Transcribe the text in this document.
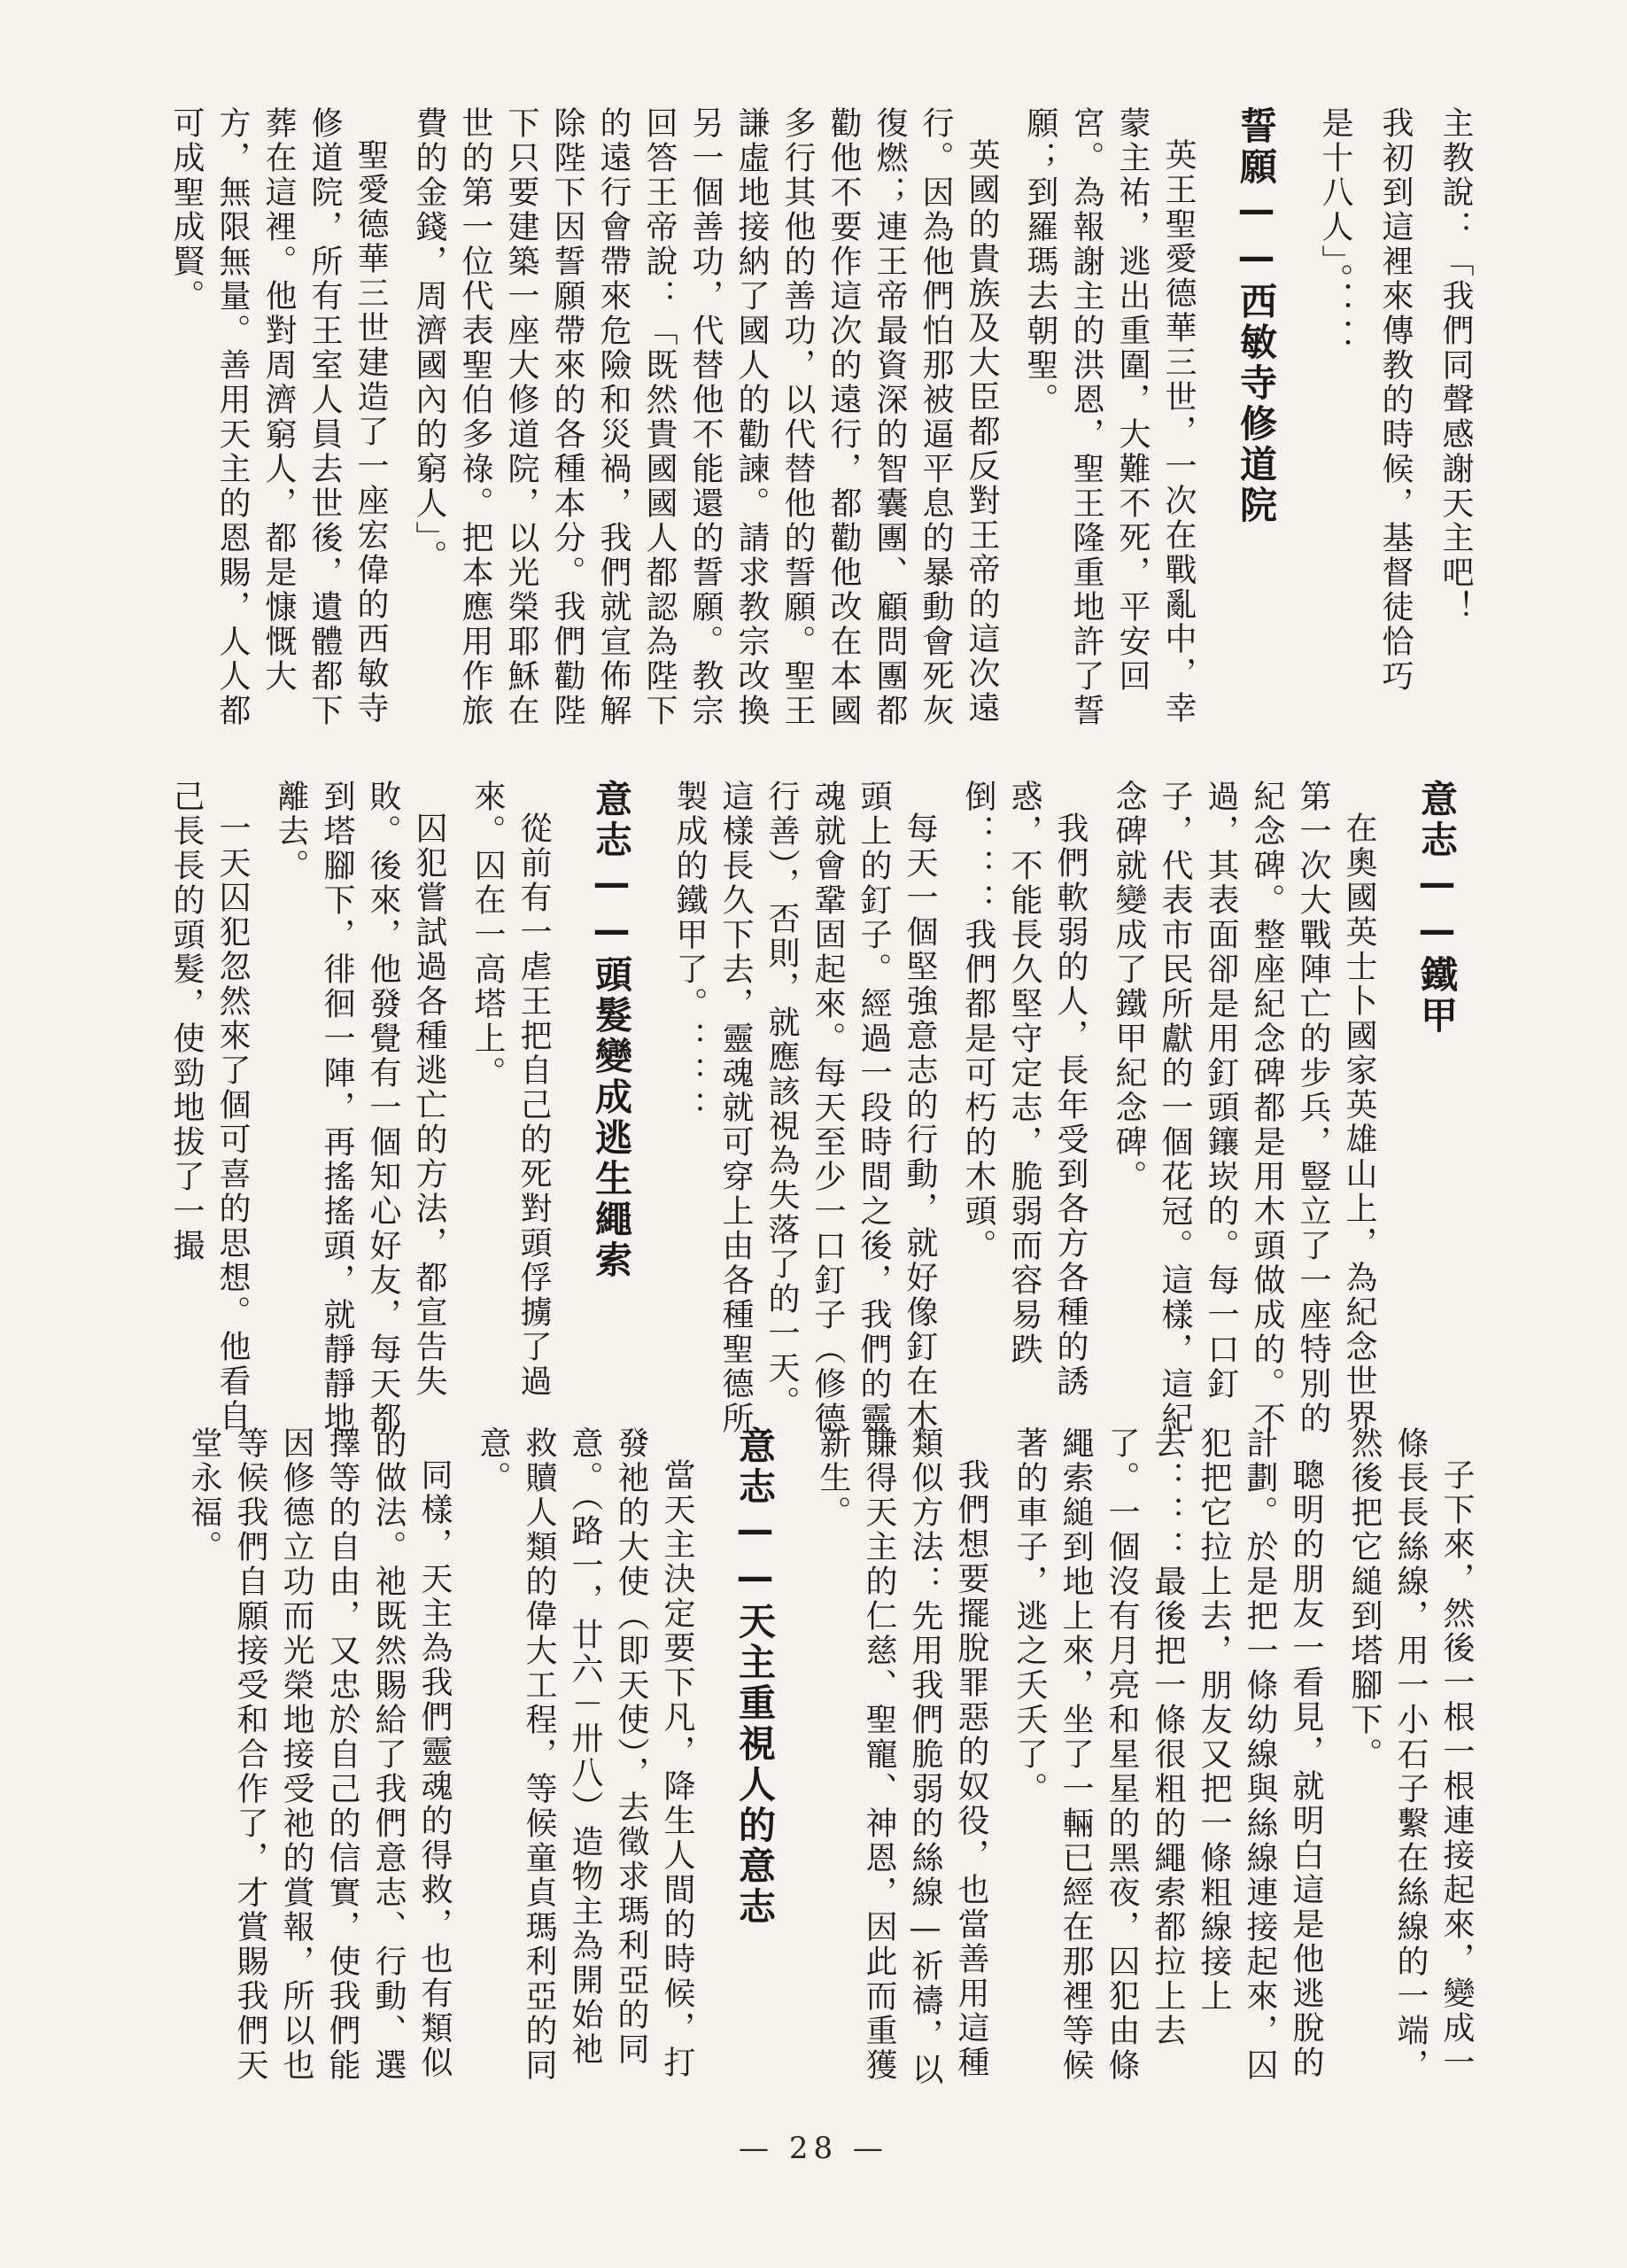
主教說：「我們同聲感謝天主吧！

我初到這裡來傳教的時候，基督徒恰巧

是十八人」。．．．．

誓願——西敏寺修道院

英王聖愛德華三世，一次在戰亂中，幸蒙主祐，逃出重圍，大難不死，平安回宮。為報謝主的洪恩，聖王隆重地許了誓願；到羅瑪去朝聖。

英國的貴族及大臣都反對王帝的這次遠行。因為他們怕那被逼平息的暴動會死灰復燃；連王帝最資深的智囊團、顧問團都勸他不要作這次的遠行，都勸他改在本國多行其他的善功，以代替他的誓願。聖王謙虛地接納了國人的勸諫。請求教宗改換另一個善功，代替他不能還的誓願。教宗回答王帝說：「既然貴國國人都認為陛下的遠行會帶來危險和災禍，我們就宣佈解除陛下因誓願帶來的各種本分。我們勸陛下只要建築一座大修道院，以光榮耶穌在世的第一位代表聖伯多祿。把本應用作旅費的金錢，周濟國內的窮人」。

聖愛德華三世建造了一座宏偉的西敏寺修道院，所有王室人員去世後，遺體都下葬在這裡。他對周濟窮人，都是慷慨大方，無限無量。善用天主的恩賜，人人都可成聖成賢。

意志——鐵甲

在奧國英士卜國家英雄山上，為紀念世界第一次大戰陣亡的步兵，豎立了一座特別的紀念碑。整座紀念碑都是用木頭做成的。不過，其表面卻是用釘頭鑲崁的。每一口釘子，代表市民所獻的一個花冠。這樣，這紀念碑就變成了鐵甲紀念碑。

我們軟弱的人，長年受到各方各種的誘惑，不能長久堅守定志，脆弱而容易跌倒：：：我們都是可朽的木頭。

每天一個堅強意志的行動，就好像釘在木頭上的釘子。經過一段時間之後，我們的靈魂就會鞏固起來。每天至少一口釘子（修德行善），否則，就應該視為失落了的一天。這樣長久下去，靈魂就可穿上由各種聖德所製成的鐵甲了。：：：

意志——頭髮變成逃生繩索

從前有一虐王把自己的死對頭俘擄了過來。囚在一高塔上。

囚犯嘗試過各種逃亡的方法，都宣告失敗。後來，他發覺有一個知心好友，每天都到塔腳下，徘徊一陣，再搖搖頭，就靜靜地離去。

一天囚犯忽然來了個可喜的思想。他看自己長長的頭髮，使勁地拔了一撮

子下來，然後一根一根連接起來，變成一條長長絲線，用一小石子繫在絲線的一端，然後把它縋到塔腳下。

聰明的朋友一看見，就明白這是他逃脫的計劃。於是把一條幼線與絲線連接起來，囚犯把它拉上去，朋友又把一條粗線接上去：：：最後把一條很粗的繩索都拉上去了。一個沒有月亮和星星的黑夜，囚犯由條繩索縋到地上來，坐了一輛已經在那裡等候著的車子，逃之夭夭了。

我們想要擺脫罪惡的奴役，也當善用這種類似方法：先用我們脆弱的絲線—祈禱，以賺得天主的仁慈、聖寵、神恩，因此而重獲新生。

意志——天主重視人的意志

當天主決定要下凡，降生人間的時候，打發祂的大使（即天使），去徵求瑪利亞的同意。（路一，廿六－卅八）造物主為開始祂救贖人類的偉大工程，等候童貞瑪利亞的同意。

同樣，天主為我們靈魂的得救，也有類似的做法。祂既然賜給了我們意志、行動、選擇等的自由，又忠於自己的信實，使我們能因修德立功而光榮地接受祂的賞報，所以也等候我們自願接受和合作了，才賞賜我們天堂永福。

— 28 —
